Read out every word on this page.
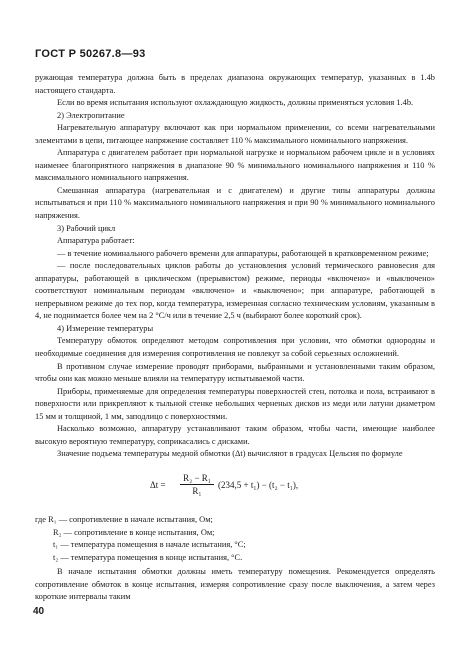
ГОСТ Р 50267.8—93

ружающая температура должна быть в пределах диапазона окружающих температур, указанных в 1.4b настоящего стандарта.

Если во время испытания используют охлаждающую жидкость, должны применяться условия 1.4b.

2) Электропитание

Нагревательную аппаратуру включают как при нормальном применении, со всеми нагревательными элементами в цепи, питающее напряжение составляет 110 % максимального номинального напряжения.

Аппаратура с двигателем работает при нормальной нагрузке и нормальном рабочем цикле и в условиях наименее благоприятного напряжения в диапазоне 90 % минимального номинального напряжения и 110 % максимального номинального напряжения.

Смешанная аппаратура (нагревательная и с двигателем) и другие типы аппаратуры должны испытываться и при 110 % максимального номинального напряжения и при 90 % минимального номинального напряжения.

3) Рабочий цикл

Аппаратура работает:

— в течение номинального рабочего времени для аппаратуры, работающей в кратковременном режиме;

— после последовательных циклов работы до установления условий термического равновесия для аппаратуры, работающей в циклическом (прерывистом) режиме, периоды «включено» и «выключено» соответствуют номинальным периодам «включено» и «выключено»; при аппаратуре, работающей в непрерывном режиме до тех пор, когда температура, измеренная согласно техническим условиям, указанным в 4, не поднимается более чем на 2 °С/ч или в течение 2,5 ч (выбирают более короткий срок).

4) Измерение температуры

Температуру обмоток определяют методом сопротивления при условии, что обмотки однородны и необходимые соединения для измерения сопротивления не повлекут за собой серьезных осложнений.

В противном случае измерение проводят приборами, выбранными и установленными таким образом, чтобы они как можно меньше влияли на температуру испытываемой части.

Приборы, применяемые для определения температуры поверхностей стен, потолка и пола, встраивают в поверхности или прикрепляют к тыльной стенке небольших черненых дисков из меди или латуни диаметром 15 мм и толщиной, 1 мм, заподлицо с поверхностями.

Насколько возможно, аппаратуру устанавливают таким образом, чтобы части, имеющие наиболее высокую вероятную температуру, соприкасались с дисками.

Значение подъема температуры медной обмотки (Δt) вычисляют в градусах Цельсия по формуле

$\Delta t = \frac{\text{R₂ − R₁}}{\text{R₁}} (234,5 + t_1) - (t_2 - t_1)$,

где R₁ — сопротивление в начале испытания, Ом;

R₂ — сопротивление в конце испытания, Ом;

t₁ — температура помещения в начале испытания, °С;

t₂ — температура помещения в конце испытания, °С.

В начале испытания обмотки должны иметь температуру помещения. Рекомендуется определять сопротивление обмоток в конце испытания, измеряя сопротивление сразу после выключения, а затем через короткие интервалы таким

40
